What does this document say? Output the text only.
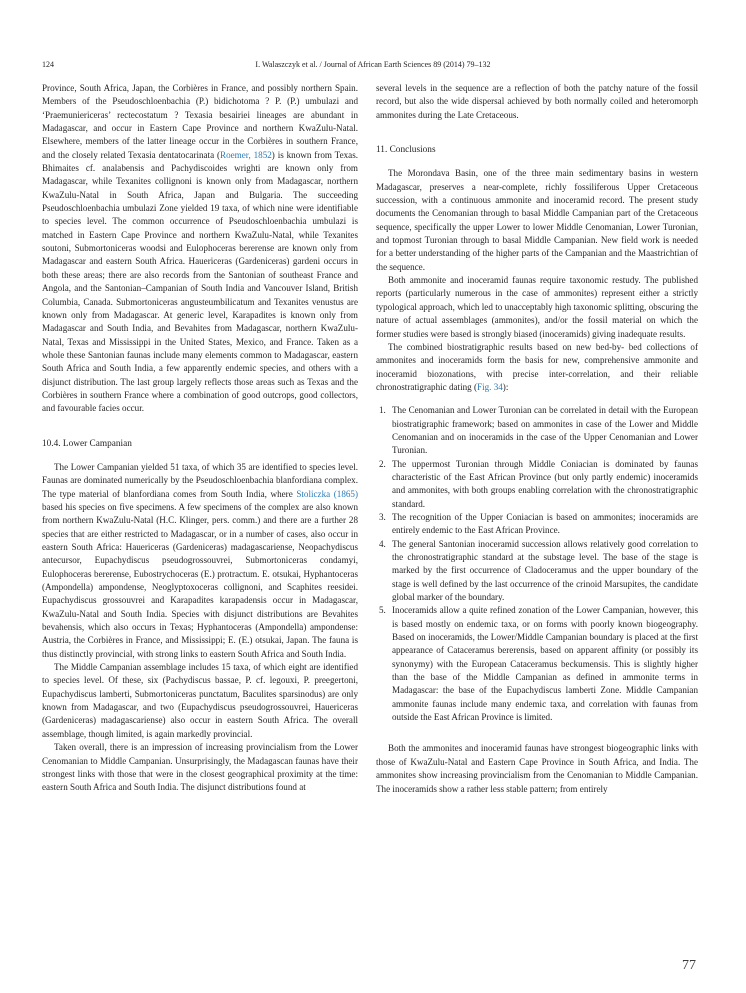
124	I. Walaszczyk et al. / Journal of African Earth Sciences 89 (2014) 79–132

Province, South Africa, Japan, the Corbières in France, and possibly northern Spain. Members of the Pseudoschloenbachia (P.) bidichotoma ? P. (P.) umbulazi and ‘Praemuniericeras’ rectecostatum ? Texasia besairiei lineages are abundant in Madagascar, and occur in Eastern Cape Province and northern KwaZulu-Natal. Elsewhere, members of the latter lineage occur in the Corbières in southern France, and the closely related Texasia dentatocarinata (Roemer, 1852) is known from Texas. Bhimaites cf. analabensis and Pachydiscoides wrighti are known only from Madagascar, while Texanites collignoni is known only from Madagascar, northern KwaZulu-Natal in South Africa, Japan and Bulgaria. The succeeding Pseudoschloenbachia umbulazi Zone yielded 19 taxa, of which nine were identifiable to species level. The common occurrence of Pseudoschloenbachia umbulazi is matched in Eastern Cape Province and northern KwaZulu-Natal, while Texanites soutoni, Submortoniceras woodsi and Eulophoceras bererense are known only from Madagascar and eastern South Africa. Hauericeras (Gardeniceras) gardeni occurs in both these areas; there are also records from the Santonian of southeast France and Angola, and the Santonian–Campanian of South India and Vancouver Island, British Columbia, Canada. Submortoniceras angusteumbilicatum and Texanites venustus are known only from Madagascar. At generic level, Karapadites is known only from Madagascar and South India, and Bevahites from Madagascar, northern KwaZulu-Natal, Texas and Mississippi in the United States, Mexico, and France. Taken as a whole these Santonian faunas include many elements common to Madagascar, eastern South Africa and South India, a few apparently endemic species, and others with a disjunct distribution. The last group largely reflects those areas such as Texas and the Corbières in southern France where a combination of good outcrops, good collectors, and favourable facies occur.

10.4. Lower Campanian

The Lower Campanian yielded 51 taxa, of which 35 are identified to species level. Faunas are dominated numerically by the Pseudoschloenbachia blanfordiana complex. The type material of blanfordiana comes from South India, where Stoliczka (1865) based his species on five specimens. A few specimens of the complex are also known from northern KwaZulu-Natal (H.C. Klinger, pers. comm.) and there are a further 28 species that are either restricted to Madagascar, or in a number of cases, also occur in eastern South Africa: Hauericeras (Gardeniceras) madagascariense, Neopachydiscus antecursor, Eupachydiscus pseudogrossouvrei, Submortoniceras condamyi, Eulophoceras bererense, Eubostrychoceras (E.) protractum. E. otsukai, Hyphantoceras (Ampondella) ampondense, Neoglyptoxoceras collignoni, and Scaphites reesidei. Eupachydiscus grossouvrei and Karapadites karapadensis occur in Madagascar, KwaZulu-Natal and South India. Species with disjunct distributions are Bevahites bevahensis, which also occurs in Texas; Hyphantoceras (Ampondella) ampondense: Austria, the Corbières in France, and Mississippi; E. (E.) otsukai, Japan. The fauna is thus distinctly provincial, with strong links to eastern South Africa and South India.

The Middle Campanian assemblage includes 15 taxa, of which eight are identified to species level. Of these, six (Pachydiscus bassae, P. cf. legouxi, P. preegertoni, Eupachydiscus lamberti, Submortoniceras punctatum, Baculites sparsinodus) are only known from Madagascar, and two (Eupachydiscus pseudogrossouvrei, Hauericeras (Gardeniceras) madagascariense) also occur in eastern South Africa. The overall assemblage, though limited, is again markedly provincial.

Taken overall, there is an impression of increasing provincialism from the Lower Cenomanian to Middle Campanian. Unsurprisingly, the Madagascan faunas have their strongest links with those that were in the closest geographical proximity at the time: eastern South Africa and South India. The disjunct distributions found at

several levels in the sequence are a reflection of both the patchy nature of the fossil record, but also the wide dispersal achieved by both normally coiled and heteromorph ammonites during the Late Cretaceous.

11. Conclusions

The Morondava Basin, one of the three main sedimentary basins in western Madagascar, preserves a near-complete, richly fossiliferous Upper Cretaceous succession, with a continuous ammonite and inoceramid record. The present study documents the Cenomanian through to basal Middle Campanian part of the Cretaceous sequence, specifically the upper Lower to lower Middle Cenomanian, Lower Turonian, and topmost Turonian through to basal Middle Campanian. New field work is needed for a better understanding of the higher parts of the Campanian and the Maastrichtian of the sequence.

Both ammonite and inoceramid faunas require taxonomic restudy. The published reports (particularly numerous in the case of ammonites) represent either a strictly typological approach, which led to unacceptably high taxonomic splitting, obscuring the nature of actual assemblages (ammonites), and/or the fossil material on which the former studies were based is strongly biased (inoceramids) giving inadequate results.

The combined biostratigraphic results based on new bed-by- bed collections of ammonites and inoceramids form the basis for new, comprehensive ammonite and inoceramid biozonations, with precise inter-correlation, and their reliable chronostratigraphic dating (Fig. 34):

1. The Cenomanian and Lower Turonian can be correlated in detail with the European biostratigraphic framework; based on ammonites in case of the Lower and Middle Cenomanian and on inoceramids in the case of the Upper Cenomanian and Lower Turonian.
2. The uppermost Turonian through Middle Coniacian is dominated by faunas characteristic of the East African Province (but only partly endemic) inoceramids and ammonites, with both groups enabling correlation with the chronostratigraphic standard.
3. The recognition of the Upper Coniacian is based on ammonites; inoceramids are entirely endemic to the East African Province.
4. The general Santonian inoceramid succession allows relatively good correlation to the chronostratigraphic standard at the substage level. The base of the stage is marked by the first occurrence of Cladoceramus and the upper boundary of the stage is well defined by the last occurrence of the crinoid Marsupites, the candidate global marker of the boundary.
5. Inoceramids allow a quite refined zonation of the Lower Campanian, however, this is based mostly on endemic taxa, or on forms with poorly known biogeography. Based on inoceramids, the Lower/Middle Campanian boundary is placed at the first appearance of Cataceramus bererensis, based on apparent affinity (or possibly its synonymy) with the European Cataceramus beckumensis. This is slightly higher than the base of the Middle Campanian as defined in ammonite terms in Madagascar: the base of the Eupachydiscus lamberti Zone. Middle Campanian ammonite faunas include many endemic taxa, and correlation with faunas from outside the East African Province is limited.

Both the ammonites and inoceramid faunas have strongest biogeographic links with those of KwaZulu-Natal and Eastern Cape Province in South Africa, and India. The ammonites show increasing provincialism from the Cenomanian to Middle Campanian. The inoceramids show a rather less stable pattern; from entirely

77
